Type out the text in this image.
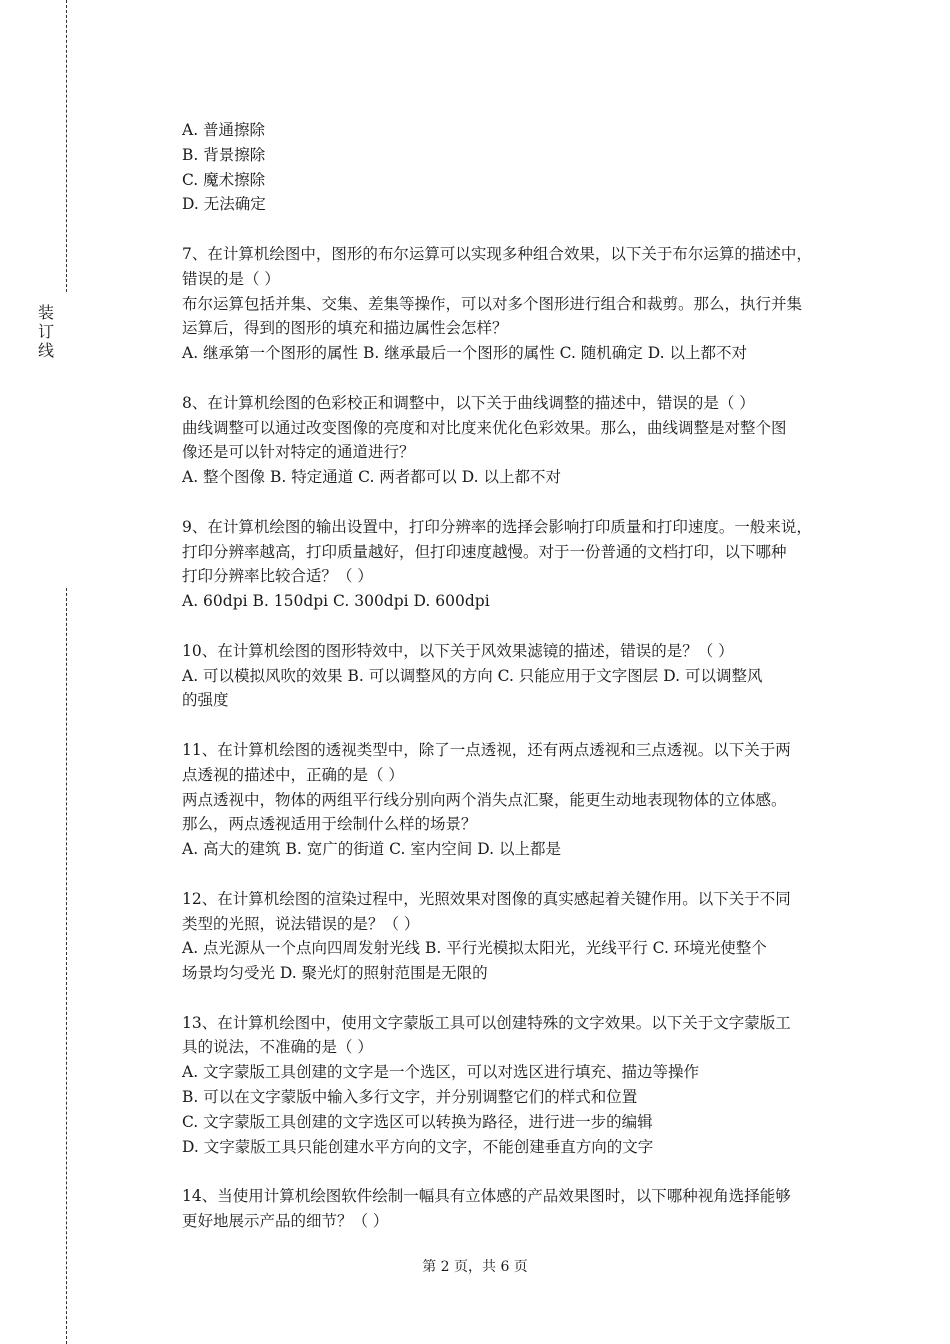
装
订
线
A. 普通擦除
B. 背景擦除
C. 魔术擦除
D. 无法确定
7、在计算机绘图中，图形的布尔运算可以实现多种组合效果，以下关于布尔运算的描述中，
错误的是（ ）
布尔运算包括并集、交集、差集等操作，可以对多个图形进行组合和裁剪。那么，执行并集
运算后，得到的图形的填充和描边属性会怎样？
A. 继承第一个图形的属性 B. 继承最后一个图形的属性 C. 随机确定 D. 以上都不对
8、在计算机绘图的色彩校正和调整中，以下关于曲线调整的描述中，错误的是（ ）
曲线调整可以通过改变图像的亮度和对比度来优化色彩效果。那么，曲线调整是对整个图
像还是可以针对特定的通道进行？
A. 整个图像 B. 特定通道 C. 两者都可以 D. 以上都不对
9、在计算机绘图的输出设置中，打印分辨率的选择会影响打印质量和打印速度。一般来说，
打印分辨率越高，打印质量越好，但打印速度越慢。对于一份普通的文档打印，以下哪种
打印分辨率比较合适？（ ）
A. 60dpi B. 150dpi C. 300dpi D. 600dpi
10、在计算机绘图的图形特效中，以下关于风效果滤镜的描述，错误的是？（ ）
A. 可以模拟风吹的效果 B. 可以调整风的方向 C. 只能应用于文字图层 D. 可以调整风
的强度
11、在计算机绘图的透视类型中，除了一点透视，还有两点透视和三点透视。以下关于两
点透视的描述中，正确的是（ ）
两点透视中，物体的两组平行线分别向两个消失点汇聚，能更生动地表现物体的立体感。
那么，两点透视适用于绘制什么样的场景？
A. 高大的建筑 B. 宽广的街道 C. 室内空间 D. 以上都是
12、在计算机绘图的渲染过程中，光照效果对图像的真实感起着关键作用。以下关于不同
类型的光照，说法错误的是？（ ）
A. 点光源从一个点向四周发射光线 B. 平行光模拟太阳光，光线平行 C. 环境光使整个
场景均匀受光 D. 聚光灯的照射范围是无限的
13、在计算机绘图中，使用文字蒙版工具可以创建特殊的文字效果。以下关于文字蒙版工
具的说法，不准确的是（ ）
A. 文字蒙版工具创建的文字是一个选区，可以对选区进行填充、描边等操作
B. 可以在文字蒙版中输入多行文字，并分别调整它们的样式和位置
C. 文字蒙版工具创建的文字选区可以转换为路径，进行进一步的编辑
D. 文字蒙版工具只能创建水平方向的文字，不能创建垂直方向的文字
14、当使用计算机绘图软件绘制一幅具有立体感的产品效果图时，以下哪种视角选择能够
更好地展示产品的细节？（ ）
第 2 页，共 6 页
